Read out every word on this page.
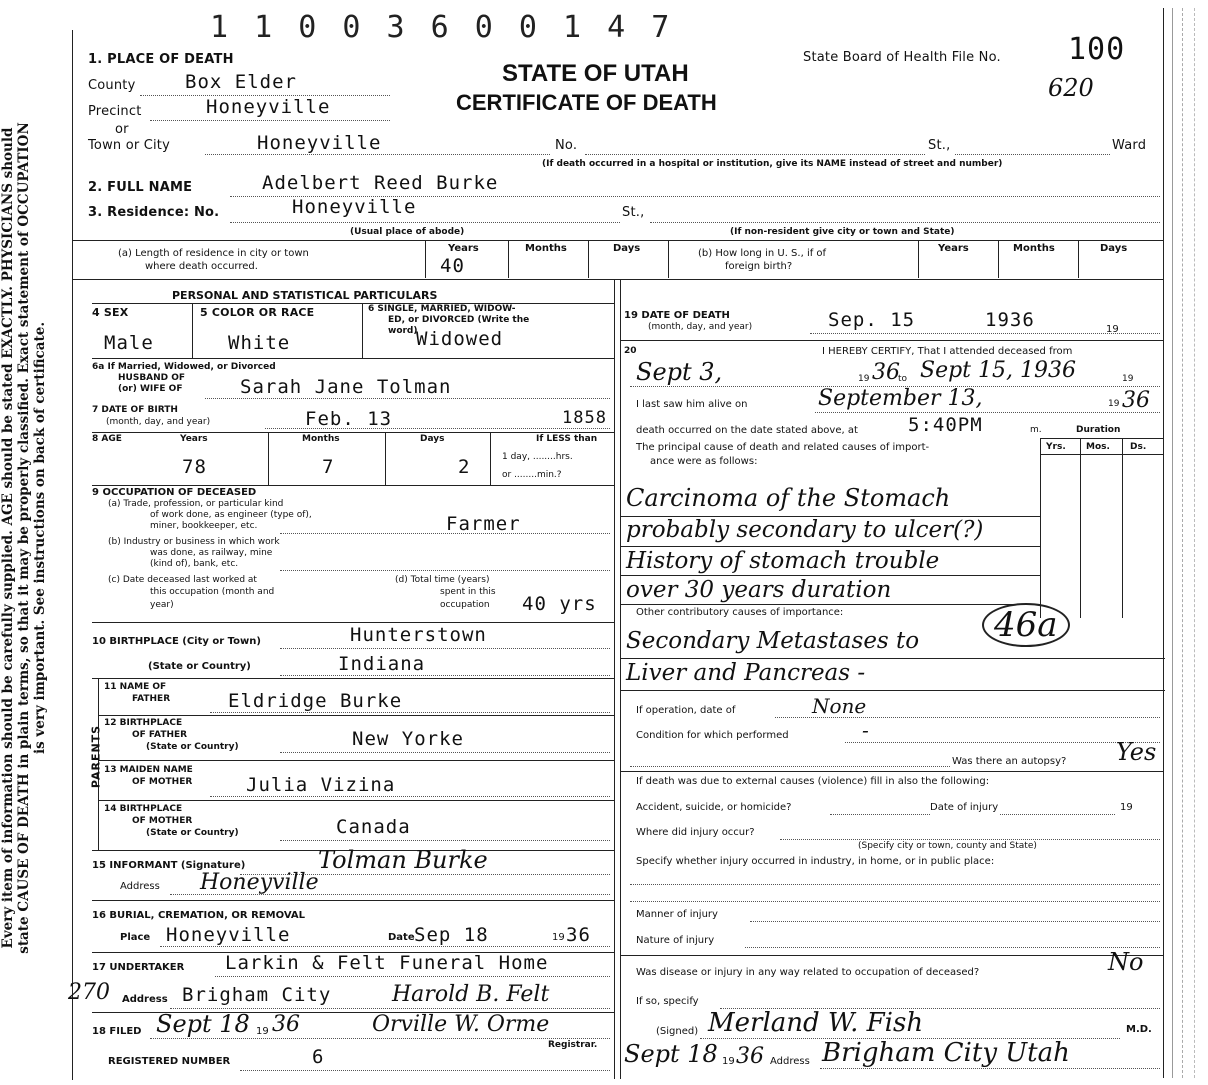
Every item of information should be carefully supplied. AGE should be stated EXACTLY. PHYSICIANS should state CAUSE OF DEATH in plain terms, so that it may be properly classified. Exact statement of OCCUPATION is very important. See instructions on back of certificate.
1 1 0 0 3 6 0 0 1 4 7
STATE OF UTAH
CERTIFICATE OF DEATH
State Board of Health File No. 100
620
1. PLACE OF DEATH
County	Box Elder
Precinct	Honeyville
or
Town or City	Honeyville	No.	St.,	Ward
(If death occurred in a hospital or institution, give its NAME instead of street and number)
2. FULL NAME	Adelbert Reed Burke
3. Residence: No.	Honeyville	St.,
(Usual place of abode)	(If non-resident give city or town and State)
(a) Length of residence in city or town
where death occurred.
Years	Months	Days
40
(b) How long in U. S., if of
foreign birth?
Years	Months	Days
PERSONAL AND STATISTICAL PARTICULARS
4 SEX
Male
5 COLOR OR RACE
White
6 SINGLE, MARRIED, WIDOW-
ED, or DIVORCED (Write the
word)
Widowed
6a If Married, Widowed, or Divorced
HUSBAND OF
(or) WIFE OF	Sarah Jane Tolman
7 DATE OF BIRTH
(month, day, and year)	Feb. 13	1858
8 AGE	Years	Months	Days
78	7	2
If LESS than
1 day, ........hrs.
or ........min.?
9 OCCUPATION OF DECEASED
(a) Trade, profession, or particular kind
of work done, as engineer (type of),
miner, bookkeeper, etc.	Farmer
(b) Industry or business in which work
was done, as railway, mine
(kind of), bank, etc.
(c) Date deceased last worked at
this occupation (month and
year)
(d) Total time (years)
spent in this
occupation 40 yrs
10 BIRTHPLACE (City or Town)	Hunterstown
(State or Country)	Indiana
PARENTS
11 NAME OF
FATHER	Eldridge Burke
12 BIRTHPLACE
OF FATHER
(State or Country)	New Yorke
13 MAIDEN NAME
OF MOTHER	Julia Vizina
14 BIRTHPLACE
OF MOTHER
(State or Country)	Canada
15 INFORMANT (Signature)	Tolman Burke
Address Honeyville
16 BURIAL, CREMATION, OR REMOVAL
Place Honeyville	Date Sep 18	19 36
17 UNDERTAKER Larkin & Felt Funeral Home
270 Address Brigham City	Harold B. Felt
18 FILED Sept 18 19 36	Orville W. Orme
Registrar.
REGISTERED NUMBER	6
19 DATE OF DEATH
(month, day, and year)	Sep. 15	1936	19
20	I HEREBY CERTIFY, That I attended deceased from
Sept 3,	19 36
to Sept 15, 1936	19
I last saw him alive on	September 13,	19 36
death occurred on the date stated above, at	5:40PM	m.	Duration
The principal cause of death and related causes of import-
ance were as follows:
Yrs. Mos. Ds.
Carcinoma of the Stomach
probably secondary to ulcer(?)
History of stomach trouble
over 30 years duration
46a
Other contributory causes of importance:
Secondary Metastases to
Liver and Pancreas -
If operation, date of	None
Condition for which performed	-
Was there an autopsy? Yes
If death was due to external causes (violence) fill in also the following:
Accident, suicide, or homicide?	Date of injury	19
Where did injury occur?
(Specify city or town, county and State)
Specify whether injury occurred in industry, in home, or in public place:
Manner of injury
Nature of injury
Was disease or injury in any way related to occupation of deceased?	No
If so, specify
(Signed) Merland W. Fish	M.D.
Sept 18 19 36 Address Brigham City Utah
